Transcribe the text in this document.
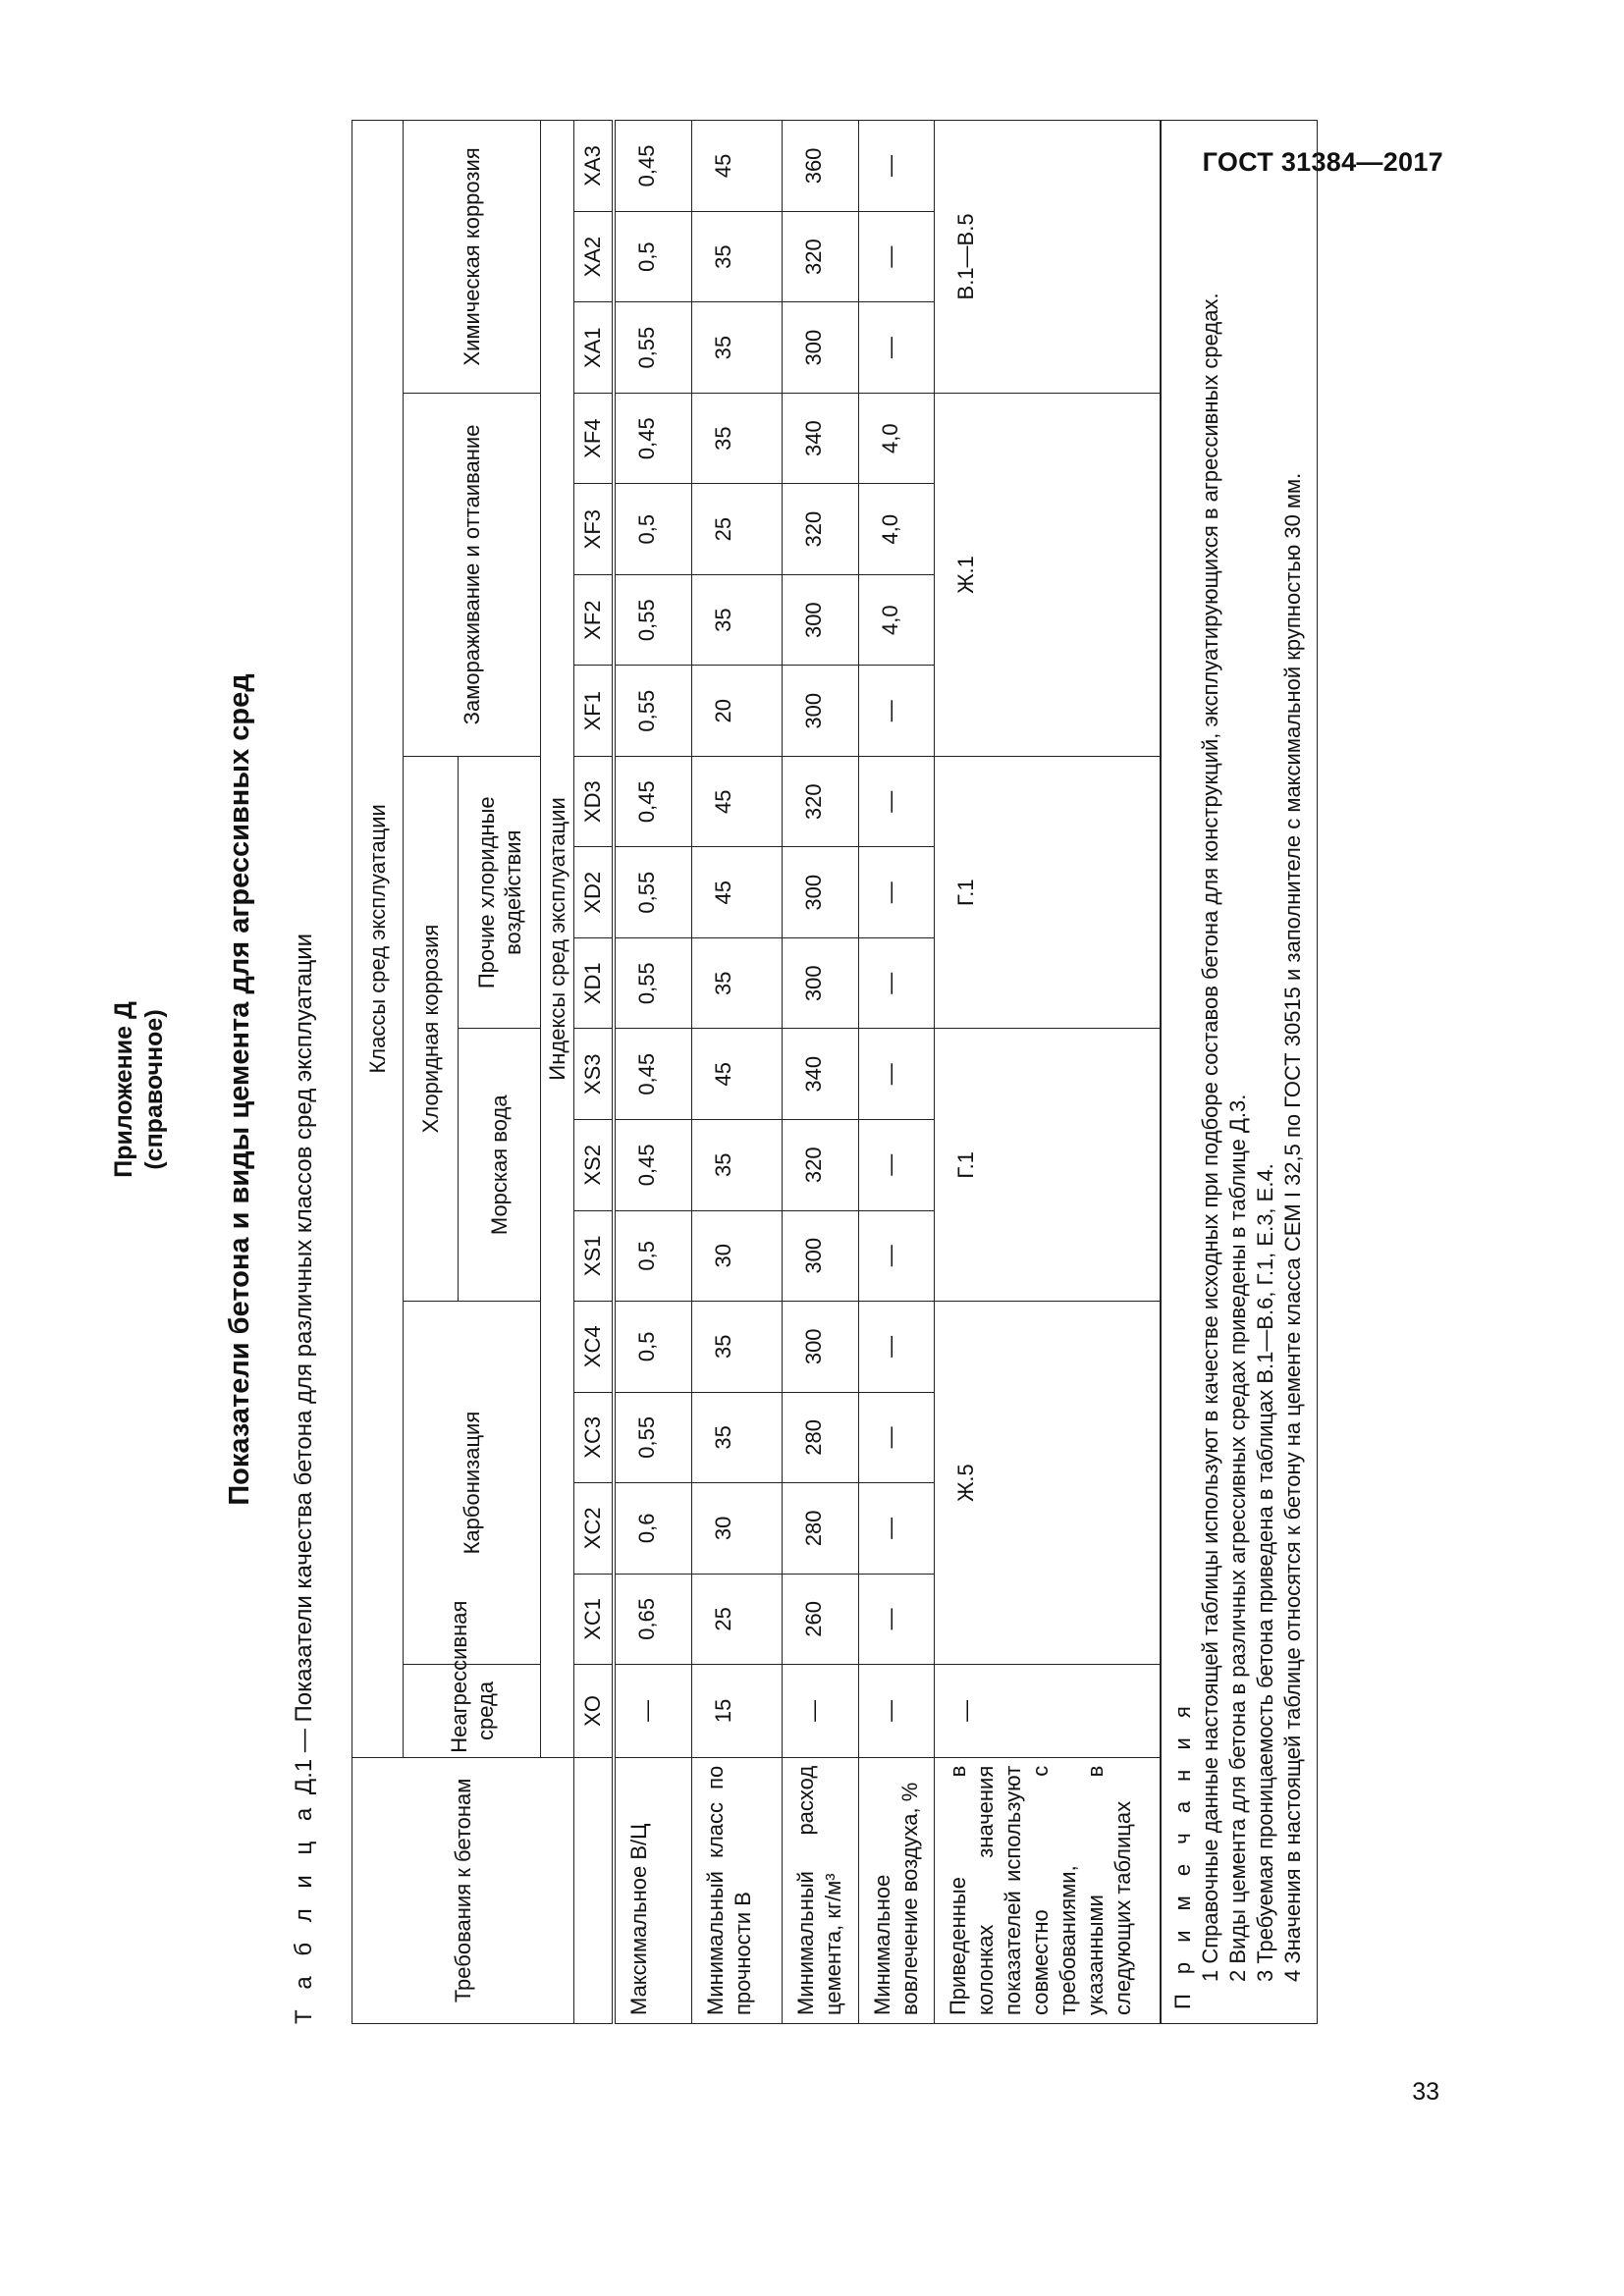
ГОСТ 31384—2017
33
Приложение Д (справочное) Показатели бетона и виды цемента для агрессивных сред
Т а б л и ц а Д.1 — Показатели качества бетона для различных классов сред эксплуатации
Требования к бетонам	Классы сред эксплуатации																	
	Неагрессивная среда	Карбонизация				Хлоридная коррозия						Замораживание и оттаивание				Химическая коррозия		
						Морская вода			Прочие хлоридные воздействия									
	Индексы сред эксплуатации																	
	XO	XC1	XC2	XC3	XC4	XS1	XS2	XS3	XD1	XD2	XD3	XF1	XF2	XF3	XF4	XA1	XA2	XA3
Максимальное В/Ц	—	0,65	0,6	0,55	0,5	0,5	0,45	0,45	0,55	0,55	0,45	0,55	0,55	0,5	0,45	0,55	0,5	0,45
Минимальный класс по прочности В	15	25	30	35	35	30	35	45	35	45	45	20	35	25	35	35	35	45
Минимальный расход цемента, кг/м³	—	260	280	280	300	300	320	340	300	300	320	300	300	320	340	300	320	360
Минимальное вовлечение воздуха, %	—	—	—	—	—	—	—	—	—	—	—	—	4,0	4,0	4,0	—	—	—
Приведенные в колонках значения показателей используют совместно с требованиями, указанными в следующих таблицах	—	Ж.5				Г.1			Г.1			Ж.1				В.1—В.5		

П р и м е ч а н и я 1 Справочные данные настоящей таблицы используют в качестве исходных при подборе составов бетона для конструкций, эксплуатирующихся в агрессивных средах. 2 Виды цемента для бетона в различных агрессивных средах приведены в таблице Д.3. 3 Требуемая проницаемость бетона приведена в таблицах В.1—В.6, Г.1, Е.3, Е.4. 4 Значения в настоящей таблице относятся к бетону на цементе класса CEM I 32,5 по ГОСТ 30515 и заполнителе с максимальной крупностью 30 мм.																		
